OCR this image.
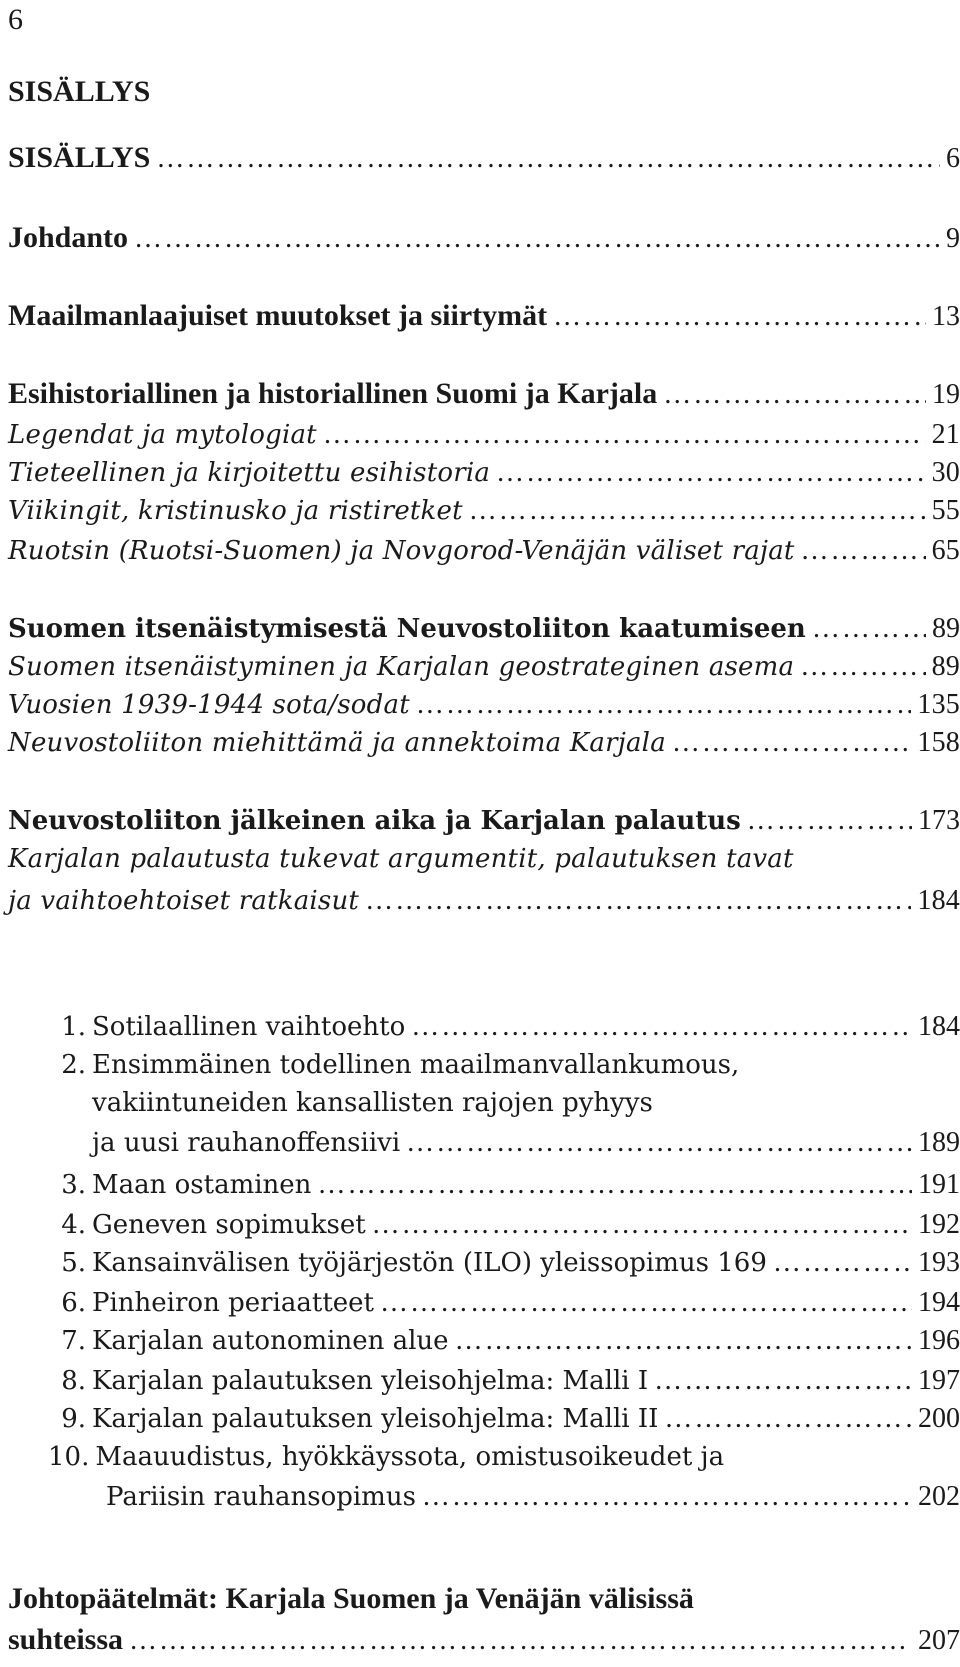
6
SISÄLLYS
SISÄLLYS …………………………………………………………………………………………………………………………………………………………………………………………………………………………	6
Johdanto …………………………………………………………………………………………………………………………………………………………………………………………………………………………	9
Maailmanlaajuiset muutokset ja siirtymät …………………………………………………………………………………………………………………………………………………………………………………………………………………………	13
Esihistoriallinen ja historiallinen Suomi ja Karjala …………………………………………………………………………………………………………………………………………………………………………………………………………………………	19
Legendat ja mytologiat …………………………………………………………………………………………………………………………………………………………………………………………………………………………	21
Tieteellinen ja kirjoitettu esihistoria …………………………………………………………………………………………………………………………………………………………………………………………………………………………	30
Viikingit, kristinusko ja ristiretket …………………………………………………………………………………………………………………………………………………………………………………………………………………………	55
Ruotsin (Ruotsi-Suomen) ja Novgorod-Venäjän väliset rajat …………………………………………………………………………………………………………………………………………………………………………………………………………………………	65
Suomen itsenäistymisestä Neuvostoliiton kaatumiseen …………………………………………………………………………………………………………………………………………………………………………………………………………………………	89
Suomen itsenäistyminen ja Karjalan geostrateginen asema …………………………………………………………………………………………………………………………………………………………………………………………………………………………	89
Vuosien 1939-1944 sota/sodat …………………………………………………………………………………………………………………………………………………………………………………………………………………………	135
Neuvostoliiton miehittämä ja annektoima Karjala …………………………………………………………………………………………………………………………………………………………………………………………………………………………	158
Neuvostoliiton jälkeinen aika ja Karjalan palautus …………………………………………………………………………………………………………………………………………………………………………………………………………………………	173
Karjalan palautusta tukevat argumentit, palautuksen tavat
ja vaihtoehtoiset ratkaisut …………………………………………………………………………………………………………………………………………………………………………………………………………………………	184
1. Sotilaallinen vaihtoehto …………………………………………………………………………………………………………………………………………………………………………………………………………………………	184
2. Ensimmäinen todellinen maailmanvallankumous,
vakiintuneiden kansallisten rajojen pyhyys
ja uusi rauhanoffensiivi …………………………………………………………………………………………………………………………………………………………………………………………………………………………	189
3. Maan ostaminen …………………………………………………………………………………………………………………………………………………………………………………………………………………………	191
4. Geneven sopimukset …………………………………………………………………………………………………………………………………………………………………………………………………………………………	192
5. Kansainvälisen työjärjestön (ILO) yleissopimus 169 …………………………………………………………………………………………………………………………………………………………………………………………………………………………	193
6. Pinheiron periaatteet …………………………………………………………………………………………………………………………………………………………………………………………………………………………	194
7. Karjalan autonominen alue …………………………………………………………………………………………………………………………………………………………………………………………………………………………	196
8. Karjalan palautuksen yleisohjelma: Malli I …………………………………………………………………………………………………………………………………………………………………………………………………………………………	197
9. Karjalan palautuksen yleisohjelma: Malli II …………………………………………………………………………………………………………………………………………………………………………………………………………………………	200
10. Maauudistus, hyökkäyssota, omistusoikeudet ja
Pariisin rauhansopimus …………………………………………………………………………………………………………………………………………………………………………………………………………………………	202
Johtopäätelmät: Karjala Suomen ja Venäjän välisissä
suhteissa …………………………………………………………………………………………………………………………………………………………………………………………………………………………	207
